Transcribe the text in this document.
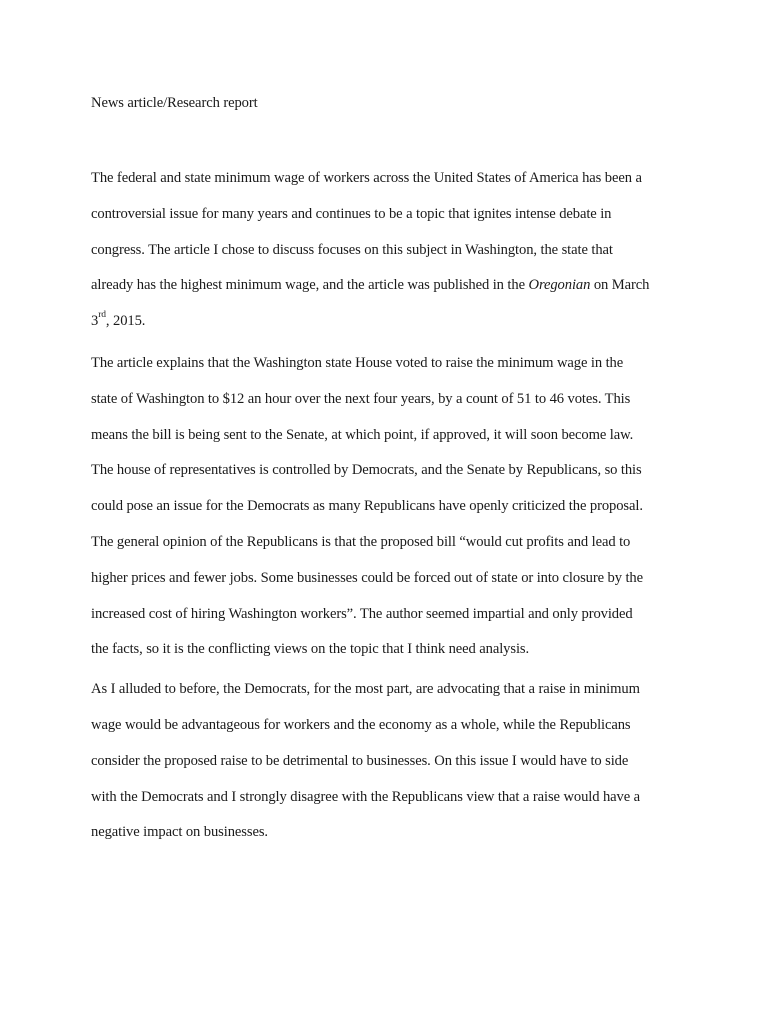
News article/Research report

The federal and state minimum wage of workers across the United States of America has been a
controversial issue for many years and continues to be a topic that ignites intense debate in
congress. The article I chose to discuss focuses on this subject in Washington, the state that
already has the highest minimum wage, and the article was published in the Oregonian on March
3rd, 2015.

The article explains that the Washington state House voted to raise the minimum wage in the
state of Washington to $12 an hour over the next four years, by a count of 51 to 46 votes. This
means the bill is being sent to the Senate, at which point, if approved, it will soon become law.
The house of representatives is controlled by Democrats, and the Senate by Republicans, so this
could pose an issue for the Democrats as many Republicans have openly criticized the proposal.
The general opinion of the Republicans is that the proposed bill “would cut profits and lead to
higher prices and fewer jobs. Some businesses could be forced out of state or into closure by the
increased cost of hiring Washington workers”. The author seemed impartial and only provided
the facts, so it is the conflicting views on the topic that I think need analysis.

As I alluded to before, the Democrats, for the most part, are advocating that a raise in minimum
wage would be advantageous for workers and the economy as a whole, while the Republicans
consider the proposed raise to be detrimental to businesses. On this issue I would have to side
with the Democrats and I strongly disagree with the Republicans view that a raise would have a
negative impact on businesses.
